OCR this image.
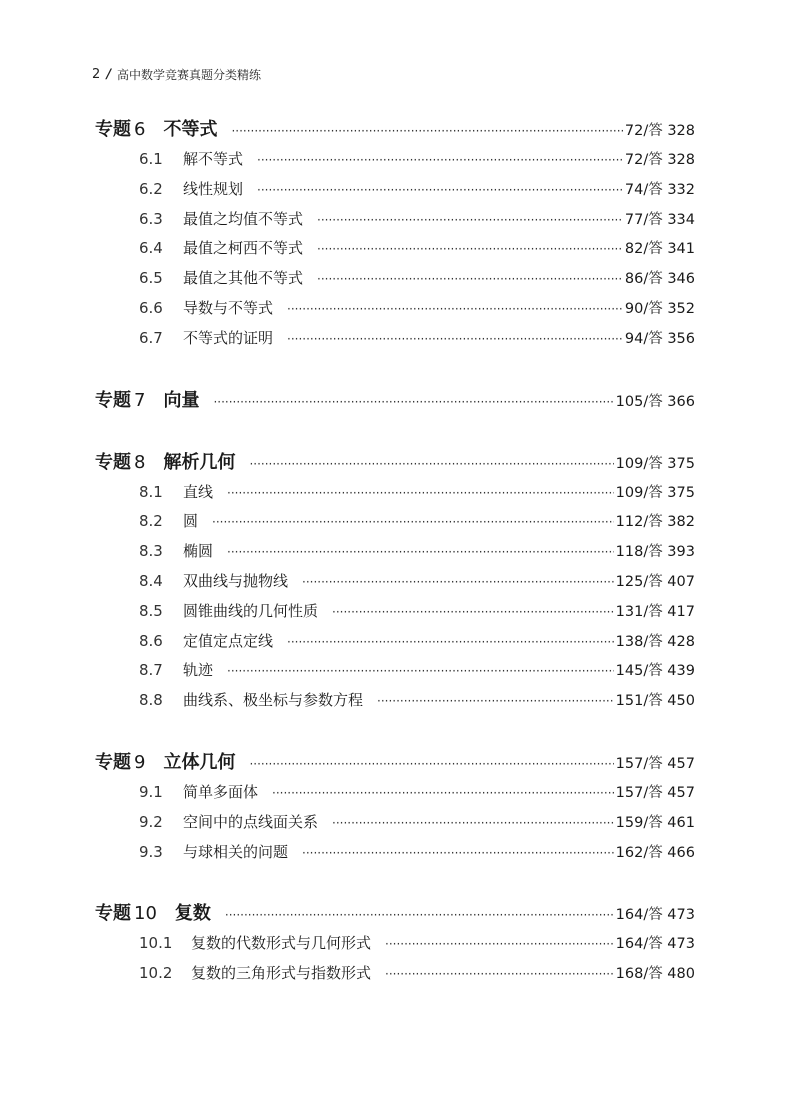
2 / 高中数学竞赛真题分类精练
专题 6 不等式 ·····	72/答 328
6.1	解不等式 ·····	72/答 328
6.2	线性规划 ·····	74/答 332
6.3	最值之均值不等式 ·····	77/答 334
6.4	最值之柯西不等式 ·····	82/答 341
6.5	最值之其他不等式 ·····	86/答 346
6.6	导数与不等式 ·····	90/答 352
6.7	不等式的证明 ·····	94/答 356
专题 7 向量 ·····	105/答 366
专题 8 解析几何 ·····	109/答 375
8.1	直线 ·····	109/答 375
8.2	圆 ·····	112/答 382
8.3	椭圆 ·····	118/答 393
8.4	双曲线与抛物线 ·····	125/答 407
8.5	圆锥曲线的几何性质 ·····	131/答 417
8.6	定值定点定线 ·····	138/答 428
8.7	轨迹 ·····	145/答 439
8.8	曲线系、极坐标与参数方程 ·····	151/答 450
专题 9 立体几何 ·····	157/答 457
9.1	简单多面体 ·····	157/答 457
9.2	空间中的点线面关系 ·····	159/答 461
9.3	与球相关的问题 ·····	162/答 466
专题 10 复数 ·····	164/答 473
10.1	复数的代数形式与几何形式 ·····	164/答 473
10.2	复数的三角形式与指数形式 ·····	168/答 480
